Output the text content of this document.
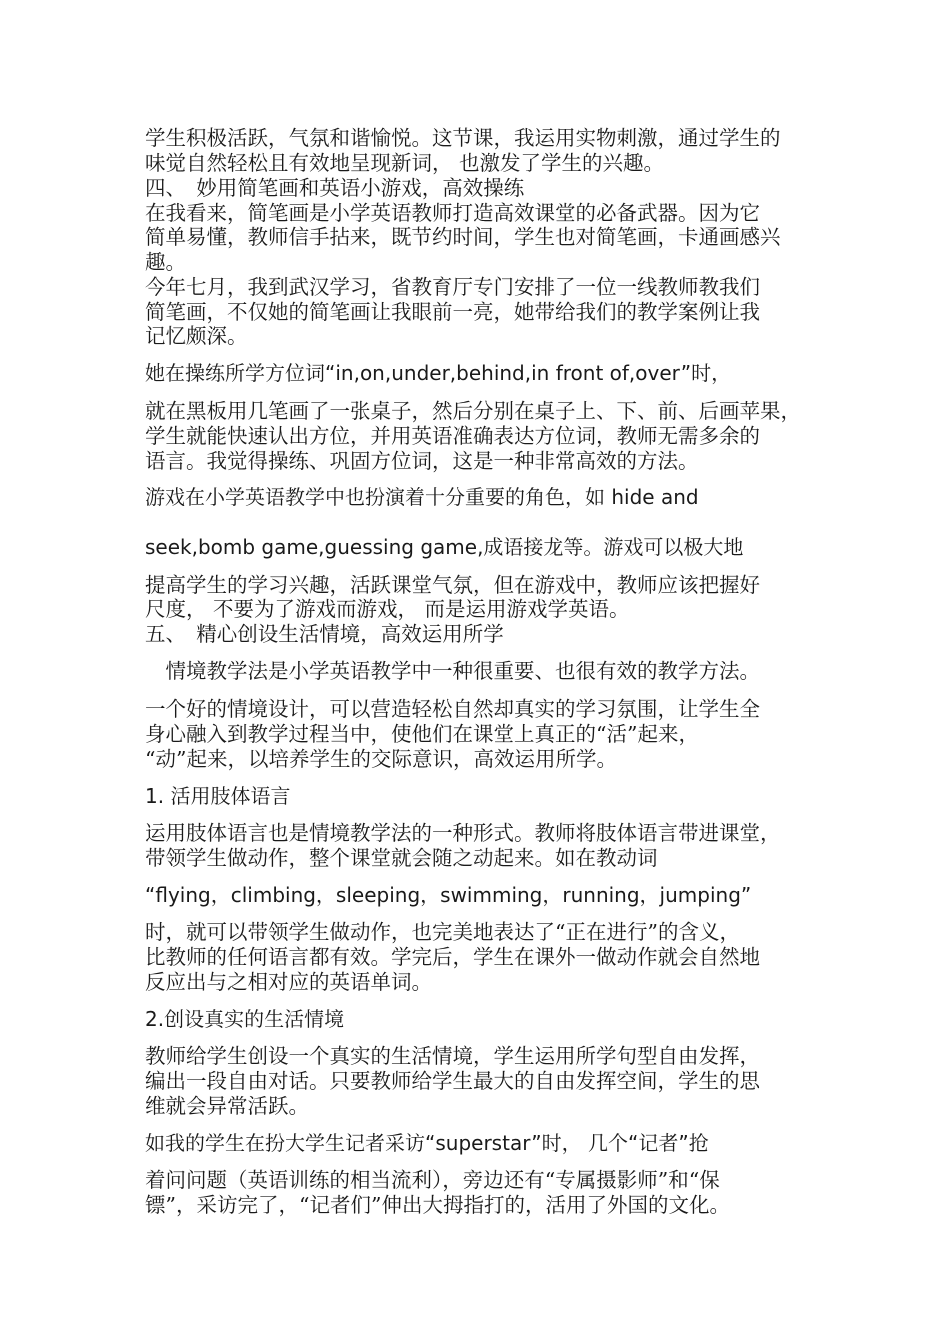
学生积极活跃，气氛和谐愉悦。这节课，我运用实物刺激，通过学生的

味觉自然轻松且有效地呈现新词， 也激发了学生的兴趣。

四、　妙用简笔画和英语小游戏，高效操练

在我看来，简笔画是小学英语教师打造高效课堂的必备武器。因为它

简单易懂，教师信手拈来，既节约时间，学生也对简笔画，卡通画感兴

趣。

今年七月，我到武汉学习，省教育厅专门安排了一位一线教师教我们

简笔画，不仅她的简笔画让我眼前一亮，她带给我们的教学案例让我

记忆颇深。

她在操练所学方位词“in,on,under,behind,in front of,over”时，

就在黑板用几笔画了一张桌子，然后分别在桌子上、下、前、后画苹果，

学生就能快速认出方位，并用英语准确表达方位词，教师无需多余的

语言。我觉得操练、巩固方位词，这是一种非常高效的方法。

游戏在小学英语教学中也扮演着十分重要的角色，如 hide and

seek,bomb game,guessing game,成语接龙等。游戏可以极大地

提高学生的学习兴趣，活跃课堂气氛，但在游戏中，教师应该把握好

尺度， 不要为了游戏而游戏， 而是运用游戏学英语。

五、　精心创设生活情境，高效运用所学

　情境教学法是小学英语教学中一种很重要、也很有效的教学方法。

一个好的情境设计，可以营造轻松自然却真实的学习氛围，让学生全

身心融入到教学过程当中，使他们在课堂上真正的“活”起来，

“动”起来，以培养学生的交际意识，高效运用所学。

1. 活用肢体语言

运用肢体语言也是情境教学法的一种形式。教师将肢体语言带进课堂，

带领学生做动作，整个课堂就会随之动起来。如在教动词

“flying，climbing，sleeping，swimming，running，jumping”

时，就可以带领学生做动作，也完美地表达了“正在进行”的含义，

比教师的任何语言都有效。学完后，学生在课外一做动作就会自然地

反应出与之相对应的英语单词。

2.创设真实的生活情境

教师给学生创设一个真实的生活情境，学生运用所学句型自由发挥，

编出一段自由对话。只要教师给学生最大的自由发挥空间，学生的思

维就会异常活跃。

如我的学生在扮大学生记者采访“superstar”时， 几个“记者”抢

着问问题（英语训练的相当流利），旁边还有“专属摄影师”和“保

镖”，采访完了，“记者们”伸出大拇指打的，活用了外国的文化。
